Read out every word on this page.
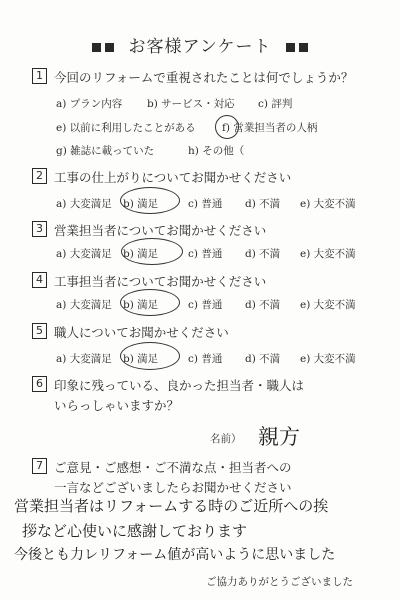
お客様アンケート
1 今回のリフォームで重視されたことは何でしょうか？
a) プラン内容 b) サービス・対応 c) 評判
e) 以前に利用したことがある	f) 営業担当者の人柄
g) 雑誌に載っていた	h) その他（
2 工事の仕上がりについてお聞かせください
a) 大変満足 b) 満足	c) 普通 d) 不満 e) 大変不満
3 営業担当者についてお聞かせください
a) 大変満足 b) 満足	c) 普通 d) 不満 e) 大変不満
4 工事担当者についてお聞かせください
a) 大変満足 b) 満足	c) 普通 d) 不満 e) 大変不満
5 職人についてお聞かせください
a) 大変満足 b) 満足	c) 普通 d) 不満 e) 大変不満
6 印象に残っている、良かった担当者・職人は
いらっしゃいますか？
名前） 親方
7 ご意見・ご感想・ご不満な点・担当者への
一言などございましたらお聞かせください
営業担当者はリフォームする時のご近所への挨
拶など心使いに感謝しております
今後とも力レリフォーム値が高いように思いました
ご協力ありがとうございました
